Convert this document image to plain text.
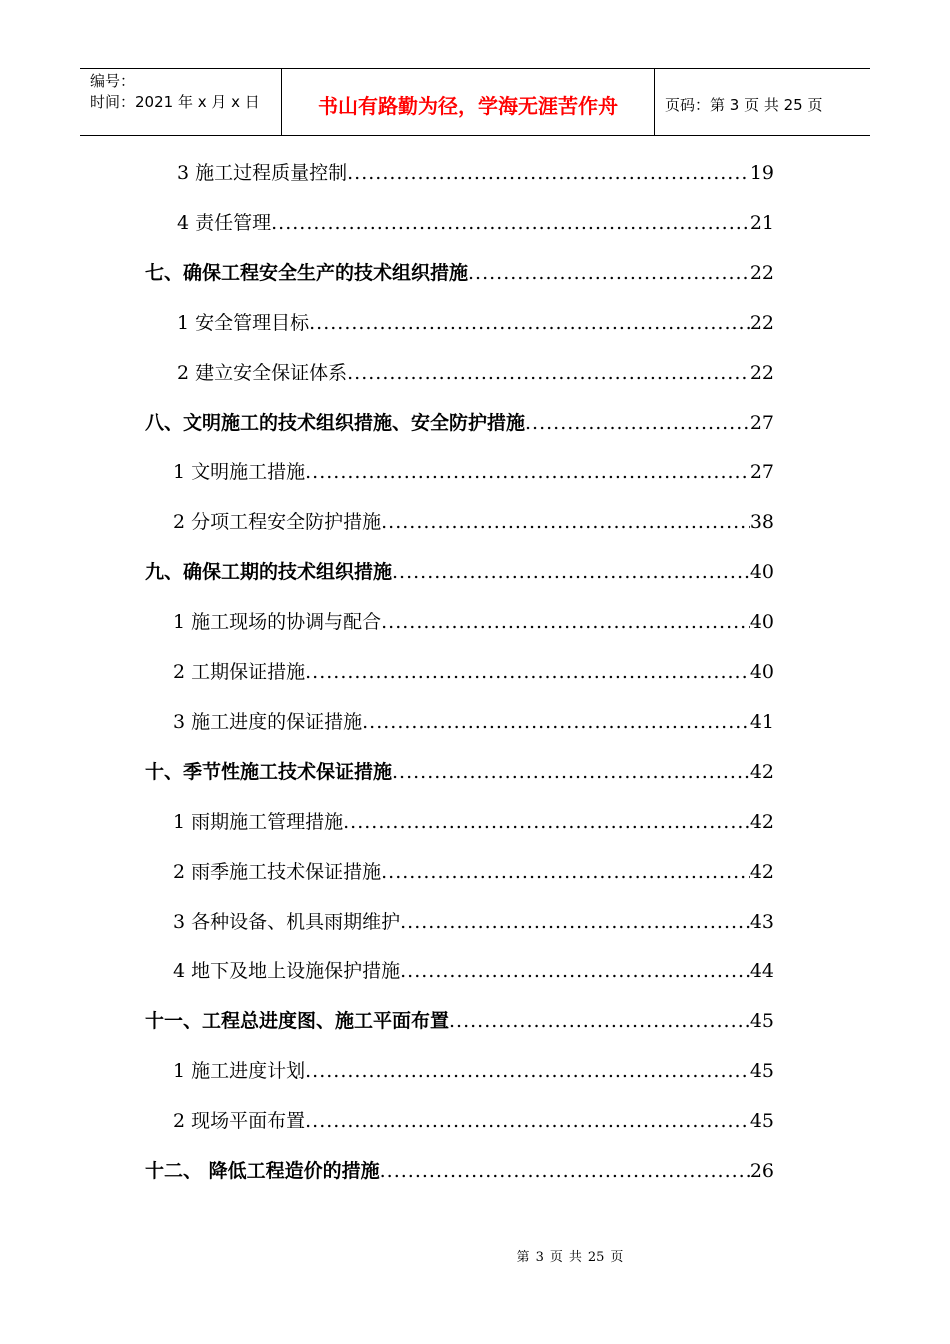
编号：
时间：2021 年 x 月 x 日	书山有路勤为径，学海无涯苦作舟	页码：第 3 页 共 25 页
3 施工过程质量控制 .....	19
4 责任管理 .....	21
七、确保工程安全生产的技术组织措施 .....	22
1 安全管理目标 .....	22
2 建立安全保证体系 .....	22
八、文明施工的技术组织措施、安全防护措施 .....	27
1 文明施工措施 .....	27
2 分项工程安全防护措施 .....	38
九、确保工期的技术组织措施 .....	40
1 施工现场的协调与配合 .....	40
2 工期保证措施 .....	40
3 施工进度的保证措施 .....	41
十、季节性施工技术保证措施 .....	42
1 雨期施工管理措施 .....	42
2 雨季施工技术保证措施 .....	42
3 各种设备、机具雨期维护 .....	43
4 地下及地上设施保护措施 .....	44
十一、工程总进度图、施工平面布置 .....	45
1 施工进度计划 .....	45
2 现场平面布置 .....	45
十二、 降低工程造价的措施 .....	26
第 3 页 共 25 页
